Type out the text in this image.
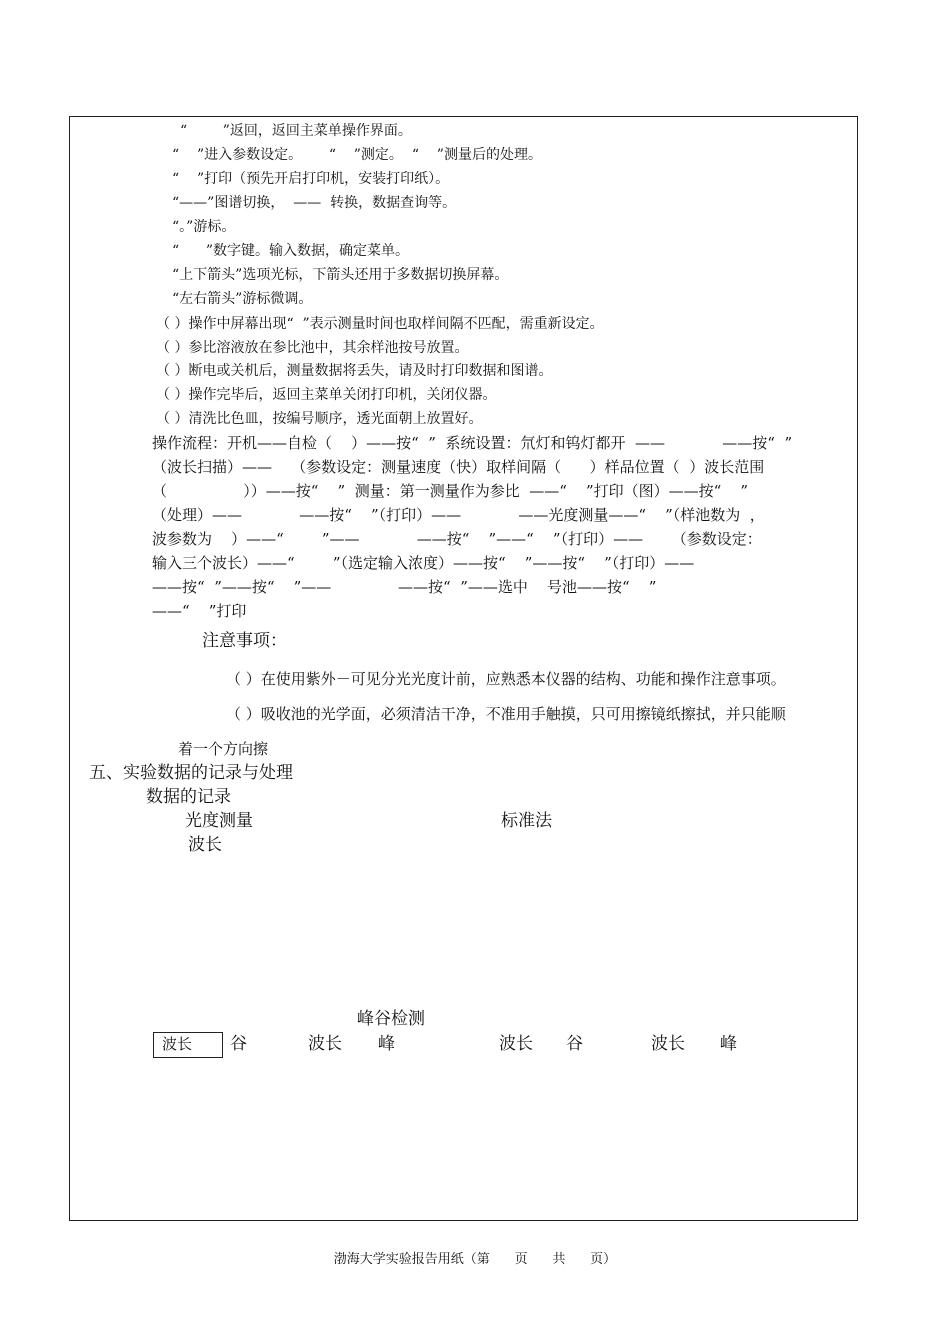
“        ”返回，返回主菜单操作界面。
“    ”进入参数设定。      “    ”测定。  “    ”测量后的处理。
“    ”打印（预先开启打印机，安装打印纸）。
“——”图谱切换，  ——  转换，数据查询等。
“。”游标。
“      ”数字键。输入数据，确定菜单。
“上下箭头”选项光标，下箭头还用于多数据切换屏幕。
“左右箭头”游标微调。
（ ）操作中屏幕出现“  ”表示测量时间也取样间隔不匹配，需重新设定。
（ ）参比溶液放在参比池中，其余样池按号放置。
（ ）断电或关机后，测量数据将丢失，请及时打印数据和图谱。
（ ）操作完毕后，返回主菜单关闭打印机，关闭仪器。
（ ）清洗比色皿，按编号顺序，透光面朝上放置好。
操作流程：开机——自检（    ）——按“  ”  系统设置：氘灯和钨灯都开  ——            ——按“  ”
（波长扫描）——    （参数设定：测量速度（快）取样间隔（      ）样品位置（  ）波长范围
（                ））——按“    ”  测量：第一测量作为参比  ——“    ”打印（图）——按“    ”
（处理）——            ——按“    ”（打印）——            ——光度测量——“    ”（样池数为  ，
波参数为    ）——“        ”——            ——按“    ”——“    ”（打印）——      （参数设定：
输入三个波长）——“        ”（选定输入浓度）——按“    ”——按“    ”（打印）——
——按“  ”——按“    ”——              ——按“  ”——选中    号池——按“    ”
——“    ”打印
注意事项：
（ ）在使用紫外－可见分光光度计前，应熟悉本仪器的结构、功能和操作注意事项。
（ ）吸收池的光学面，必须清洁干净，不准用手触摸，只可用擦镜纸擦拭，并只能顺
着一个方向擦
五、实验数据的记录与处理
数据的记录
光度测量	标准法
波长
峰谷检测
波长	谷	波长 峰	波长 谷	波长 峰
渤海大学实验报告用纸（第      页      共      页）
